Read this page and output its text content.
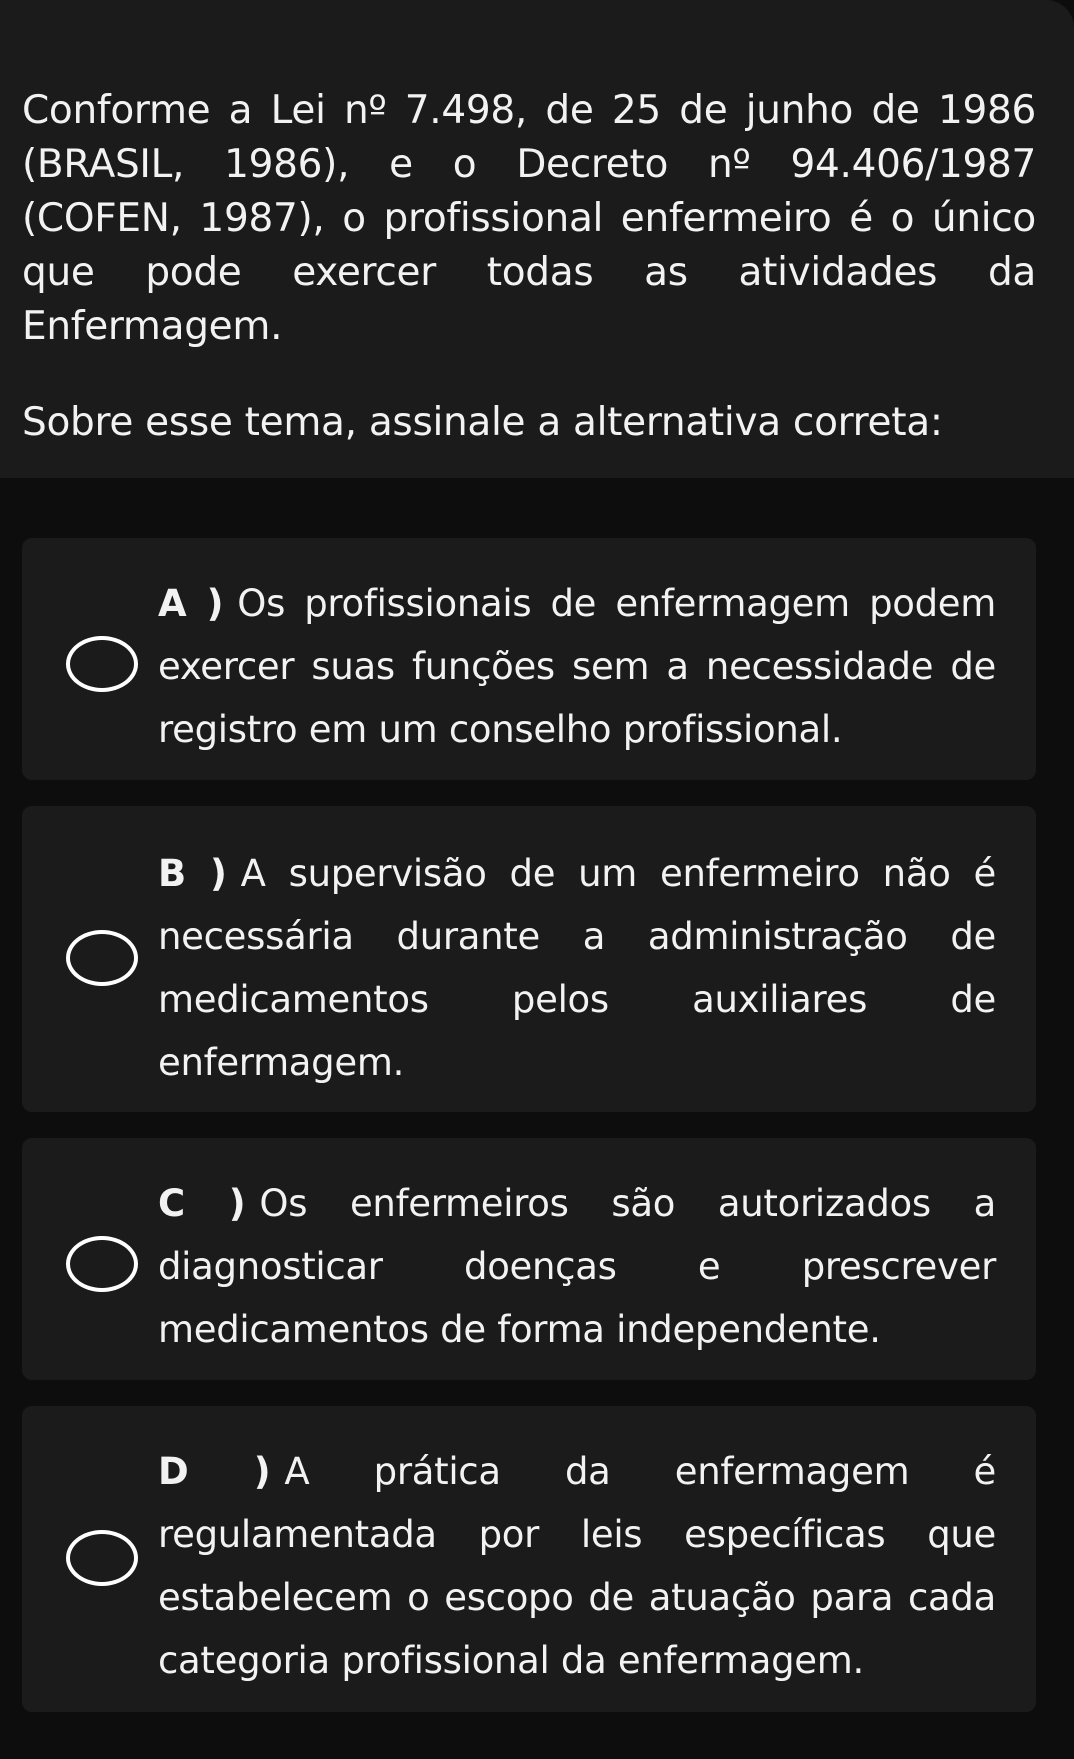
Conforme a Lei nº 7.498, de 25 de junho de 1986 (BRASIL, 1986), e o Decreto nº 94.406/1987 (COFEN, 1987), o profissional enfermeiro é o único que pode exercer todas as atividades da Enfermagem.

Sobre esse tema, assinale a alternativa correta:

A ) Os profissionais de enfermagem podem exercer suas funções sem a necessidade de registro em um conselho profissional.
B ) A supervisão de um enfermeiro não é necessária durante a administração de medicamentos pelos auxiliares de enfermagem.
C ) Os enfermeiros são autorizados a diagnosticar doenças e prescrever medicamentos de forma independente.
D ) A prática da enfermagem é regulamentada por leis específicas que estabelecem o escopo de atuação para cada categoria profissional da enfermagem.
